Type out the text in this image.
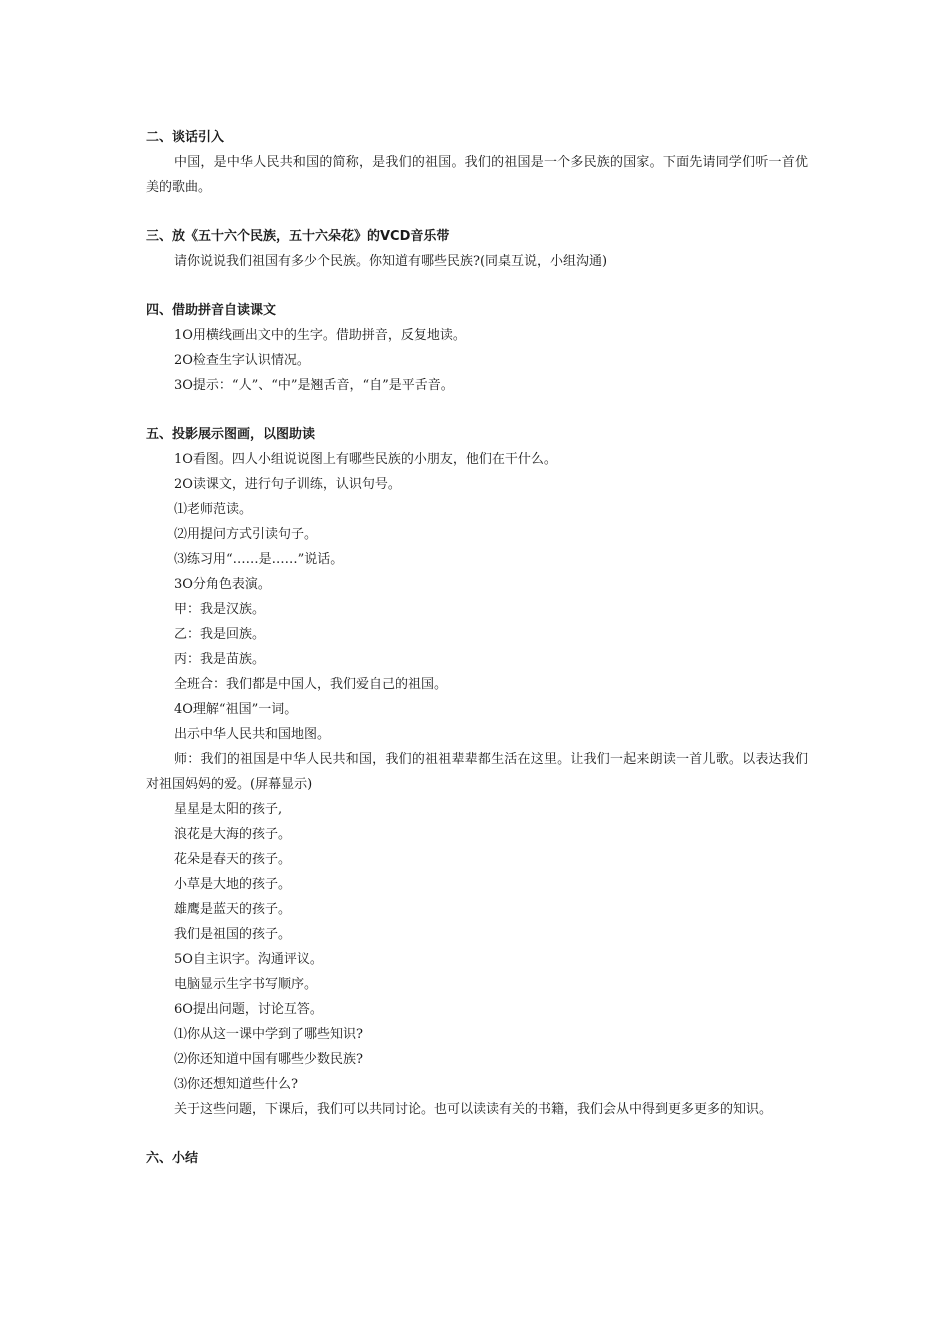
二、谈话引入

中国，是中华人民共和国的简称，是我们的祖国。我们的祖国是一个多民族的国家。下面先请同学们听一首优美的歌曲。

三、放《五十六个民族，五十六朵花》的VCD音乐带

请你说说我们祖国有多少个民族。你知道有哪些民族?(同桌互说，小组沟通)

四、借助拼音自读课文

1O用横线画出文中的生字。借助拼音，反复地读。

2O检查生字认识情况。

3O提示：“人”、“中”是翘舌音，“自”是平舌音。

五、投影展示图画，以图助读

1O看图。四人小组说说图上有哪些民族的小朋友，他们在干什么。

2O读课文，进行句子训练，认识句号。

⑴老师范读。

⑵用提问方式引读句子。

⑶练习用“……是……”说话。

3O分角色表演。

甲：我是汉族。

乙：我是回族。

丙：我是苗族。

全班合：我们都是中国人，我们爱自己的祖国。

4O理解“祖国”一词。

出示中华人民共和国地图。

师：我们的祖国是中华人民共和国，我们的祖祖辈辈都生活在这里。让我们一起来朗读一首儿歌。以表达我们对祖国妈妈的爱。(屏幕显示)

星星是太阳的孩子,

浪花是大海的孩子。

花朵是春天的孩子。

小草是大地的孩子。

雄鹰是蓝天的孩子。

我们是祖国的孩子。

5O自主识字。沟通评议。

电脑显示生字书写顺序。

6O提出问题，讨论互答。

⑴你从这一课中学到了哪些知识?

⑵你还知道中国有哪些少数民族?

⑶你还想知道些什么?

关于这些问题，下课后，我们可以共同讨论。也可以读读有关的书籍，我们会从中得到更多更多的知识。

六、小结
